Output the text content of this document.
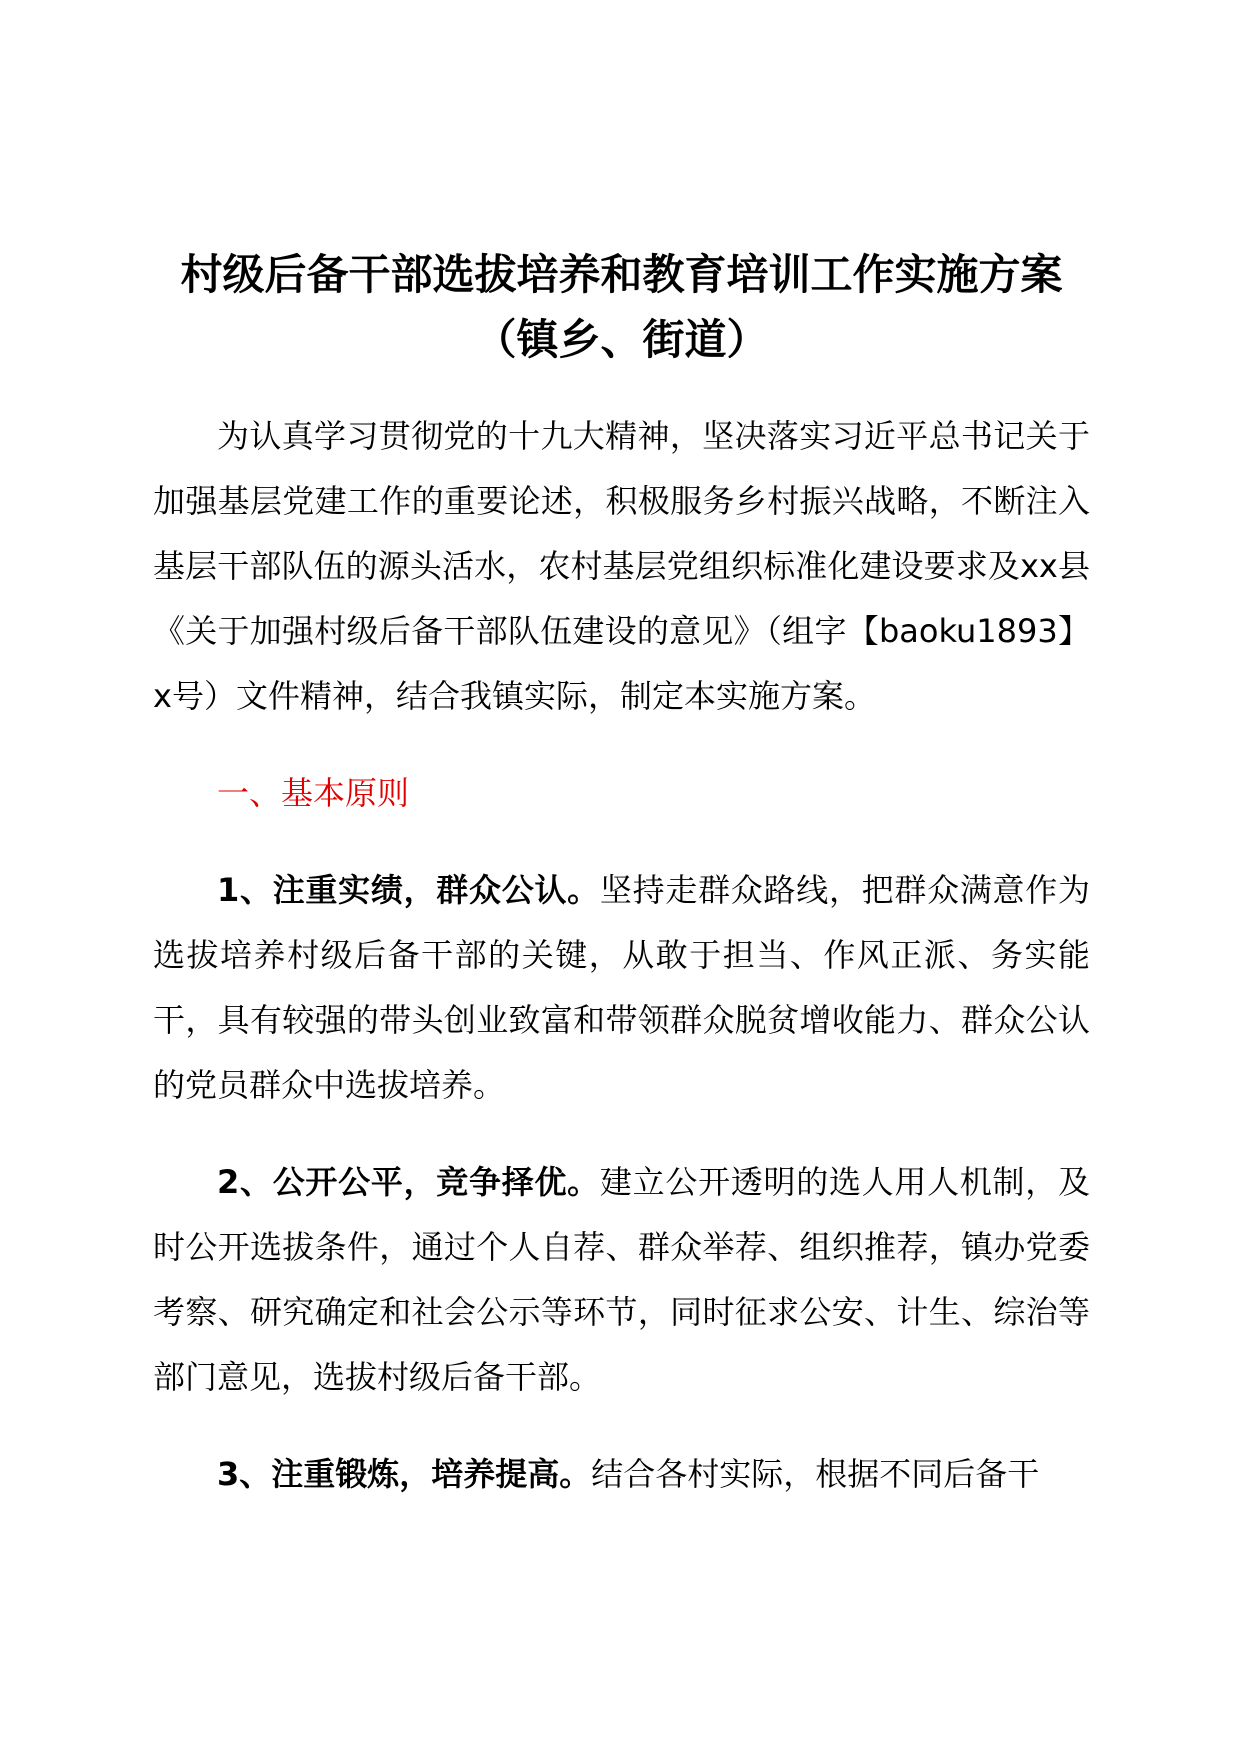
村级后备干部选拔培养和教育培训工作实施方案（镇乡、街道）

为认真学习贯彻党的十九大精神，坚决落实习近平总书记关于加强基层党建工作的重要论述，积极服务乡村振兴战略，不断注入基层干部队伍的源头活水，农村基层党组织标准化建设要求及xx县《关于加强村级后备干部队伍建设的意见》（组字【baoku1893】x号）文件精神，结合我镇实际，制定本实施方案。

一、基本原则

1、注重实绩，群众公认。坚持走群众路线，把群众满意作为选拔培养村级后备干部的关键，从敢于担当、作风正派、务实能干，具有较强的带头创业致富和带领群众脱贫增收能力、群众公认的党员群众中选拔培养。

2、公开公平，竞争择优。建立公开透明的选人用人机制，及时公开选拔条件，通过个人自荐、群众举荐、组织推荐，镇办党委考察、研究确定和社会公示等环节，同时征求公安、计生、综治等部门意见，选拔村级后备干部。

3、注重锻炼，培养提高。结合各村实际，根据不同后备干
